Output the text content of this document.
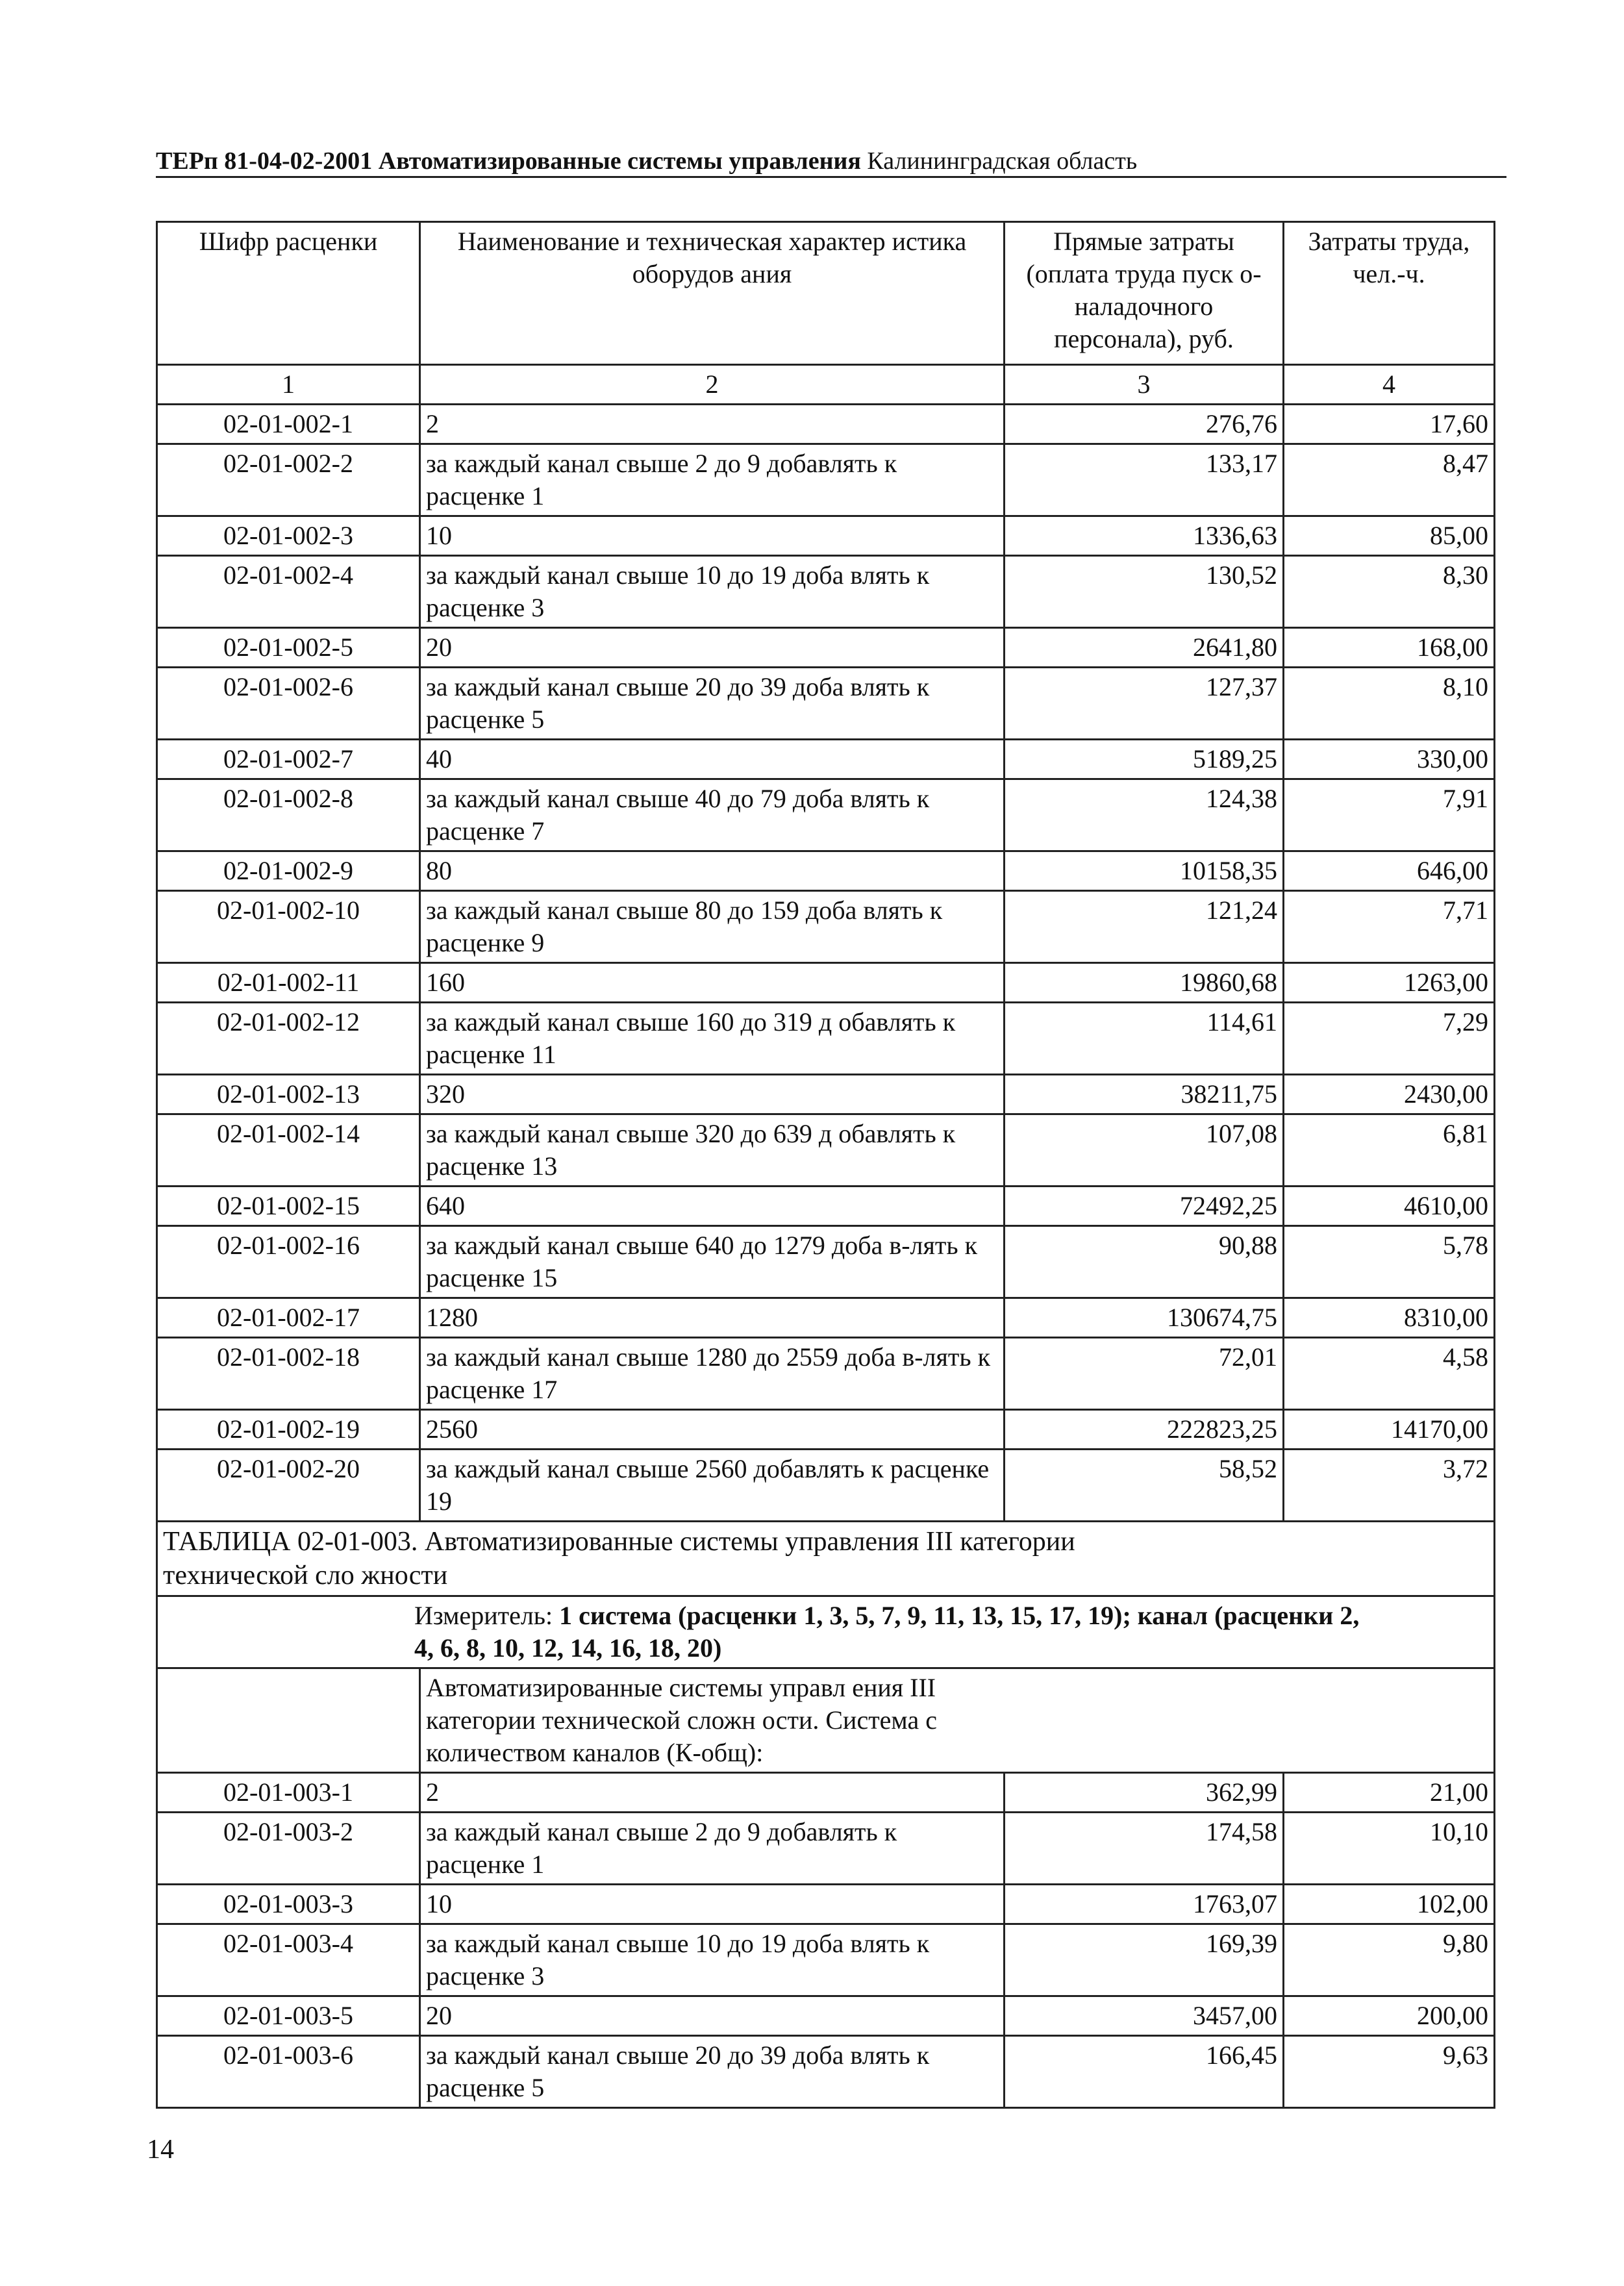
ТЕРп 81-04-02-2001 Автоматизированные системы управления Калининградская область
Шифр расценки	Наименование и техническая характер истика оборудов ания	Прямые затраты (оплата труда пуск о-наладочного персонала), руб.	Затраты труда, чел.-ч.
1	2	3	4
02-01-002-1	2	276,76	17,60
02-01-002-2	за каждый канал свыше 2 до 9 добавлять к расценке 1	133,17	8,47
02-01-002-3	10	1336,63	85,00
02-01-002-4	за каждый канал свыше 10 до 19 доба влять к расценке 3	130,52	8,30
02-01-002-5	20	2641,80	168,00
02-01-002-6	за каждый канал свыше 20 до 39 доба влять к расценке 5	127,37	8,10
02-01-002-7	40	5189,25	330,00
02-01-002-8	за каждый канал свыше 40 до 79 доба влять к расценке 7	124,38	7,91
02-01-002-9	80	10158,35	646,00
02-01-002-10	за каждый канал свыше 80 до 159 доба влять к расценке 9	121,24	7,71
02-01-002-11	160	19860,68	1263,00
02-01-002-12	за каждый канал свыше 160 до 319 д обавлять к расценке 11	114,61	7,29
02-01-002-13	320	38211,75	2430,00
02-01-002-14	за каждый канал свыше 320 до 639 д обавлять к расценке 13	107,08	6,81
02-01-002-15	640	72492,25	4610,00
02-01-002-16	за каждый канал свыше 640 до 1279 доба в-лять к расценке 15	90,88	5,78
02-01-002-17	1280	130674,75	8310,00
02-01-002-18	за каждый канал свыше 1280 до 2559 доба в-лять к расценке 17	72,01	4,58
02-01-002-19	2560	222823,25	14170,00
02-01-002-20	за каждый канал свыше 2560 добавлять к расценке 19	58,52	3,72

ТАБЛИЦА 02-01-003. Автоматизированные системы управления III категории
технической сло жности			

Измеритель: 1 система (расценки 1, 3, 5, 7, 9, 11, 13, 15, 17, 19); канал (расценки 2,
4, 6, 8, 10, 12, 14, 16, 18, 20)			

	Автоматизированные системы управл ения III категории технической сложн ости. Система с количеством каналов (К-общ):		
02-01-003-1	2	362,99	21,00
02-01-003-2	за каждый канал свыше 2 до 9 добавлять к расценке 1	174,58	10,10
02-01-003-3	10	1763,07	102,00
02-01-003-4	за каждый канал свыше 10 до 19 доба влять к расценке 3	169,39	9,80
02-01-003-5	20	3457,00	200,00
02-01-003-6	за каждый канал свыше 20 до 39 доба влять к расценке 5	166,45	9,63
14
